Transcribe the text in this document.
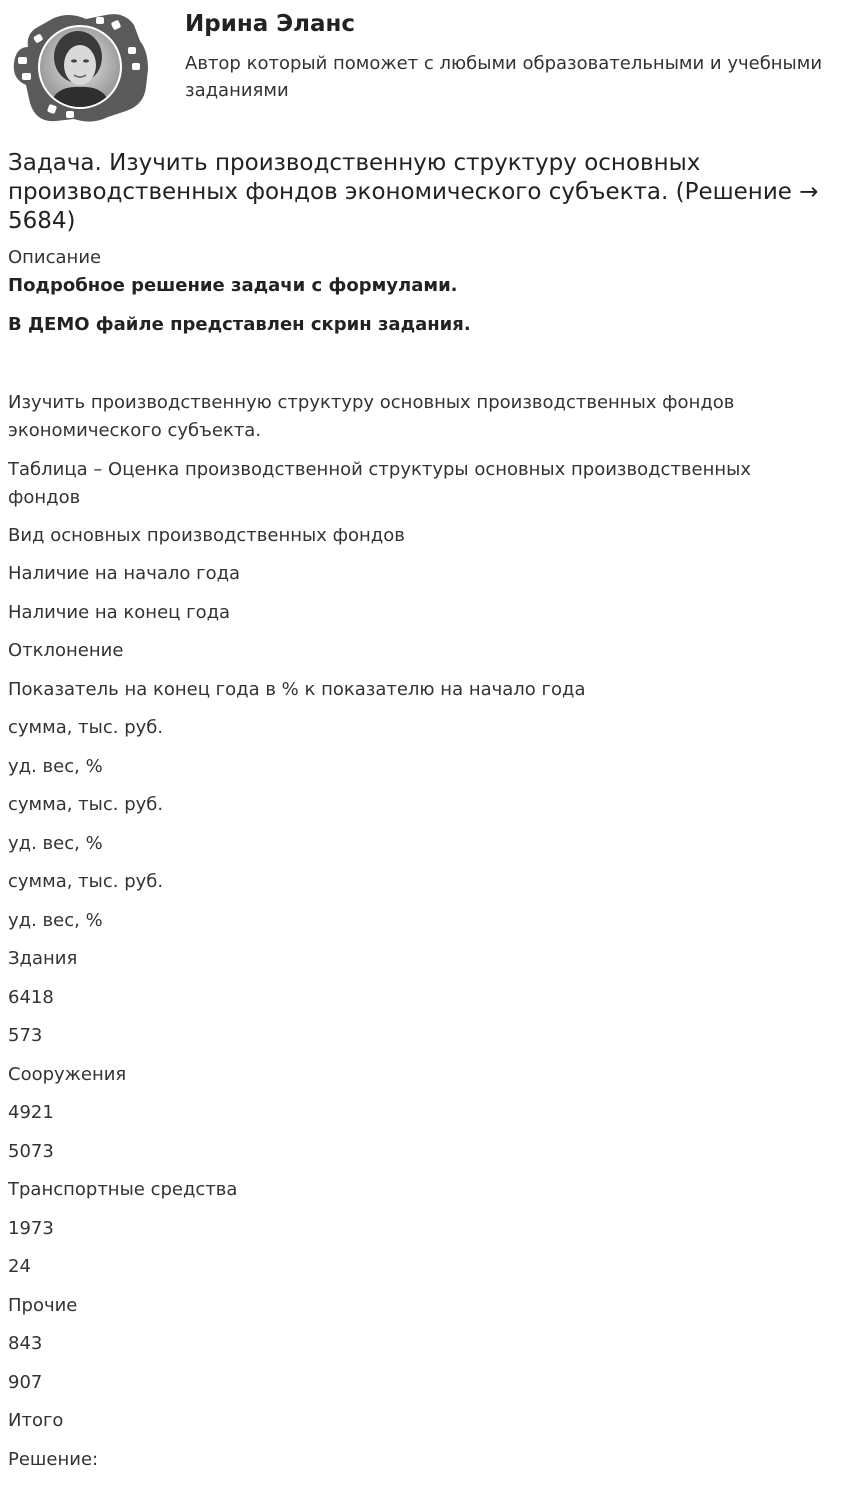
Ирина Эланс
Автор который поможет с любыми образовательными и учебными заданиями
Задача. Изучить производственную структуру основных производственных фондов экономического субъекта. (Решение → 5684)
Описание

Подробное решение задачи с формулами.

В ДЕМО файле представлен скрин задания.

Изучить производственную структуру основных производственных фондов экономического субъекта.

Таблица – Оценка производственной структуры основных производственных фондов

Вид основных производственных фондов

Наличие на начало года

Наличие на конец года

Отклонение

Показатель на конец года в % к показателю на начало года

сумма, тыс. руб.

уд. вес, %

сумма, тыс. руб.

уд. вес, %

сумма, тыс. руб.

уд. вес, %

Здания

6418

573

Сооружения

4921

5073

Транспортные средства

1973

24

Прочие

843

907

Итого

Решение:
